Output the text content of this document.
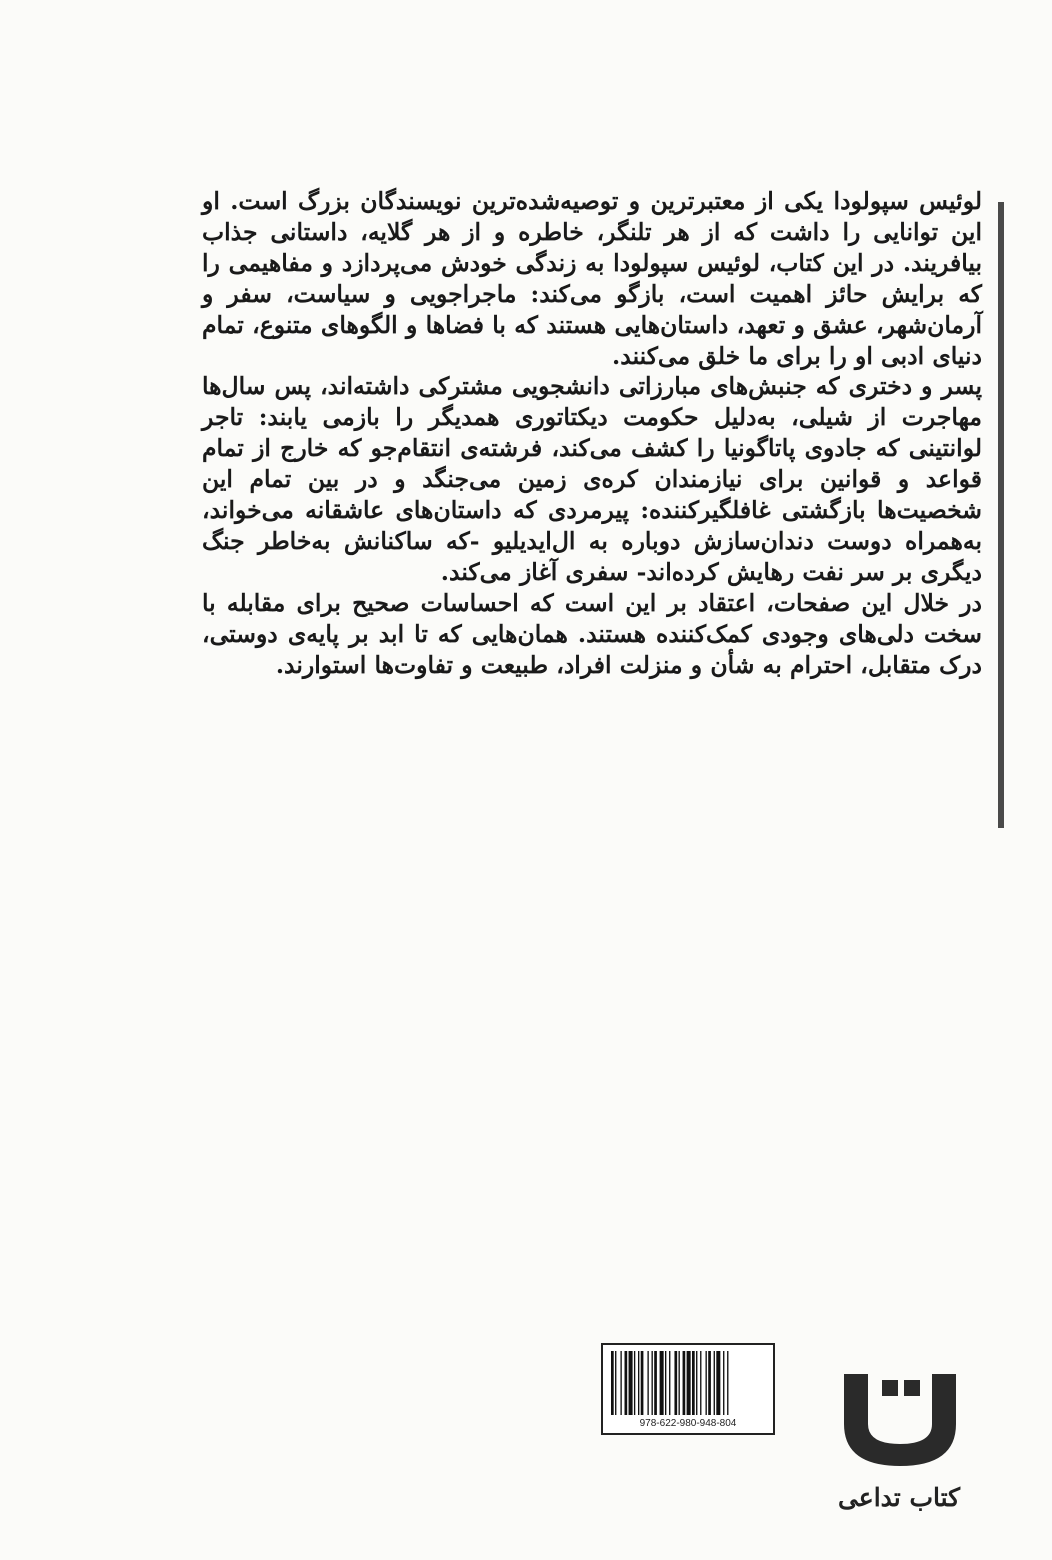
لوئیس سپولودا یکی از معتبرترین و توصیه‌شده‌ترین نویسندگان بزرگ است. او این توانایی را داشت که از هر تلنگر، خاطره و از هر گلایه، داستانی جذاب بیافریند. در این کتاب، لوئیس سپولودا به زندگی خودش می‌پردازد و مفاهیمی را که برایش حائز اهمیت است، بازگو می‌کند: ماجراجویی و سیاست، سفر و آرمان‌شهر، عشق و تعهد، داستان‌هایی هستند که با فضاها و الگوهای متنوع، تمام دنیای ادبی او را برای ما خلق می‌کنند.

پسر و دختری که جنبش‌های مبارزاتی دانشجویی مشترکی داشته‌اند، پس سال‌ها مهاجرت از شیلی، به‌دلیل حکومت دیکتاتوری همدیگر را بازمی یابند: تاجر لوانتینی که جادوی پاتاگونیا را کشف می‌کند، فرشته‌ی انتقام‌جو که خارج از تمام قواعد و قوانین برای نیازمندان کره‌ی زمین می‌جنگد و در بین تمام این شخصیت‌ها بازگشتی غافلگیرکننده: پیرمردی که داستان‌های عاشقانه می‌خواند، به‌همراه دوست دندان‌سازش دوباره به ال‌ایدیلیو -که ساکنانش به‌خاطر جنگ دیگری بر سر نفت رهایش کرده‌اند- سفری آغاز می‌کند.

در خلال این صفحات، اعتقاد بر این است که احساسات صحیح برای مقابله با سخت دلی‌های وجودی کمک‌کننده هستند. همان‌هایی که تا ابد بر پایه‌ی دوستی، درک متقابل، احترام به شأن و منزلت افراد، طبیعت و تفاوت‌ها استوارند.

978-622-980-948-804
کتاب تداعی
